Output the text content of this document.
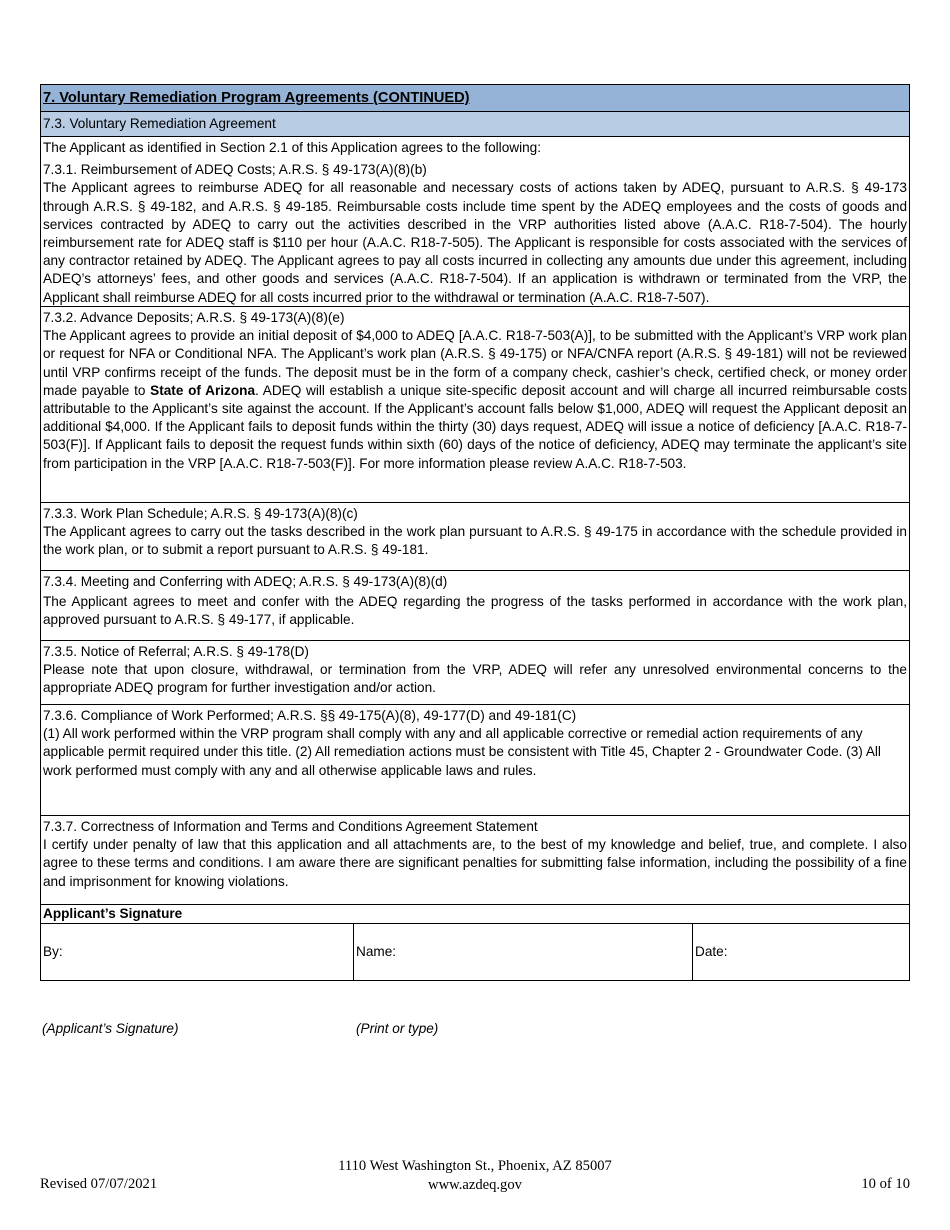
7. Voluntary Remediation Program Agreements (CONTINUED)
7.3. Voluntary Remediation Agreement
The Applicant as identified in Section 2.1 of this Application agrees to the following:
7.3.1. Reimbursement of ADEQ Costs; A.R.S. § 49-173(A)(8)(b)
The Applicant agrees to reimburse ADEQ for all reasonable and necessary costs of actions taken by ADEQ, pursuant to A.R.S. § 49-173 through A.R.S. § 49-182, and A.R.S. § 49-185. Reimbursable costs include time spent by the ADEQ employees and the costs of goods and services contracted by ADEQ to carry out the activities described in the VRP authorities listed above (A.A.C. R18-7-504). The hourly reimbursement rate for ADEQ staff is $110 per hour (A.A.C. R18-7-505). The Applicant is responsible for costs associated with the services of any contractor retained by ADEQ. The Applicant agrees to pay all costs incurred in collecting any amounts due under this agreement, including ADEQ’s attorneys’ fees, and other goods and services (A.A.C. R18-7-504). If an application is withdrawn or terminated from the VRP, the Applicant shall reimburse ADEQ for all costs incurred prior to the withdrawal or termination (A.A.C. R18-7-507).
7.3.2. Advance Deposits; A.R.S. § 49-173(A)(8)(e)
The Applicant agrees to provide an initial deposit of $4,000 to ADEQ [A.A.C. R18-7-503(A)], to be submitted with the Applicant’s VRP work plan or request for NFA or Conditional NFA. The Applicant’s work plan (A.R.S. § 49-175) or NFA/CNFA report (A.R.S. § 49-181) will not be reviewed until VRP confirms receipt of the funds. The deposit must be in the form of a company check, cashier’s check, certified check, or money order made payable to State of Arizona. ADEQ will establish a unique site-specific deposit account and will charge all incurred reimbursable costs attributable to the Applicant’s site against the account. If the Applicant’s account falls below $1,000, ADEQ will request the Applicant deposit an additional $4,000. If the Applicant fails to deposit funds within the thirty (30) days request, ADEQ will issue a notice of deficiency [A.A.C. R18-7-503(F)]. If Applicant fails to deposit the request funds within sixth (60) days of the notice of deficiency, ADEQ may terminate the applicant’s site from participation in the VRP [A.A.C. R18-7-503(F)]. For more information please review A.A.C. R18-7-503.
7.3.3. Work Plan Schedule; A.R.S. § 49-173(A)(8)(c)
The Applicant agrees to carry out the tasks described in the work plan pursuant to A.R.S. § 49-175 in accordance with the schedule provided in the work plan, or to submit a report pursuant to A.R.S. § 49-181.
7.3.4. Meeting and Conferring with ADEQ; A.R.S. § 49-173(A)(8)(d)
The Applicant agrees to meet and confer with the ADEQ regarding the progress of the tasks performed in accordance with the work plan, approved pursuant to A.R.S. § 49-177, if applicable.
7.3.5. Notice of Referral; A.R.S. § 49-178(D)
Please note that upon closure, withdrawal, or termination from the VRP, ADEQ will refer any unresolved environmental concerns to the appropriate ADEQ program for further investigation and/or action.
7.3.6. Compliance of Work Performed; A.R.S. §§ 49-175(A)(8), 49-177(D) and 49-181(C)
(1) All work performed within the VRP program shall comply with any and all applicable corrective or remedial action requirements of any applicable permit required under this title. (2) All remediation actions must be consistent with Title 45, Chapter 2 - Groundwater Code. (3) All work performed must comply with any and all otherwise applicable laws and rules.
7.3.7. Correctness of Information and Terms and Conditions Agreement Statement
I certify under penalty of law that this application and all attachments are, to the best of my knowledge and belief, true, and complete. I also agree to these terms and conditions. I am aware there are significant penalties for submitting false information, including the possibility of a fine and imprisonment for knowing violations.
Applicant’s Signature
By:	Name:	Date:
(Applicant’s Signature)	(Print or type)
Revised 07/07/2021
1110 West Washington St., Phoenix, AZ 85007
www.azdeq.gov	10 of 10
